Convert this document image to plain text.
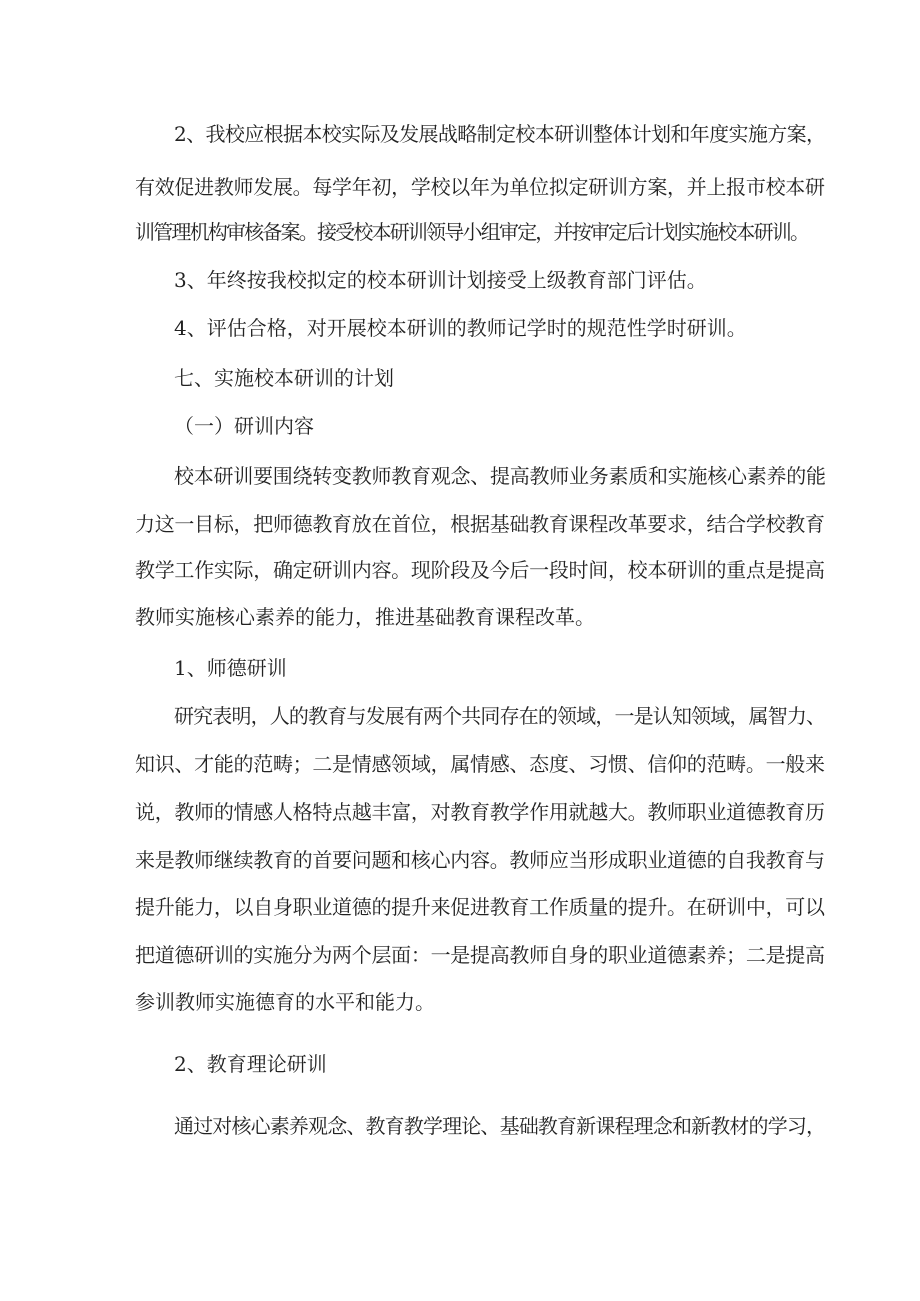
2、我校应根据本校实际及发展战略制定校本研训整体计划和年度实施方案，
有效促进教师发展。每学年初，学校以年为单位拟定研训方案，并上报市校本研
训管理机构审核备案。接受校本研训领导小组审定，并按审定后计划实施校本研训。
3、年终按我校拟定的校本研训计划接受上级教育部门评估。
4、评估合格，对开展校本研训的教师记学时的规范性学时研训。
七、实施校本研训的计划
（一）研训内容
校本研训要围绕转变教师教育观念、提高教师业务素质和实施核心素养的能
力这一目标，把师德教育放在首位，根据基础教育课程改革要求，结合学校教育
教学工作实际，确定研训内容。现阶段及今后一段时间，校本研训的重点是提高
教师实施核心素养的能力，推进基础教育课程改革。
1、师德研训
研究表明，人的教育与发展有两个共同存在的领域，一是认知领域，属智力、
知识、才能的范畴；二是情感领域，属情感、态度、习惯、信仰的范畴。一般来
说，教师的情感人格特点越丰富，对教育教学作用就越大。教师职业道德教育历
来是教师继续教育的首要问题和核心内容。教师应当形成职业道德的自我教育与
提升能力，以自身职业道德的提升来促进教育工作质量的提升。在研训中，可以
把道德研训的实施分为两个层面：一是提高教师自身的职业道德素养；二是提高
参训教师实施德育的水平和能力。
2、教育理论研训
通过对核心素养观念、教育教学理论、基础教育新课程理念和新教材的学习，
